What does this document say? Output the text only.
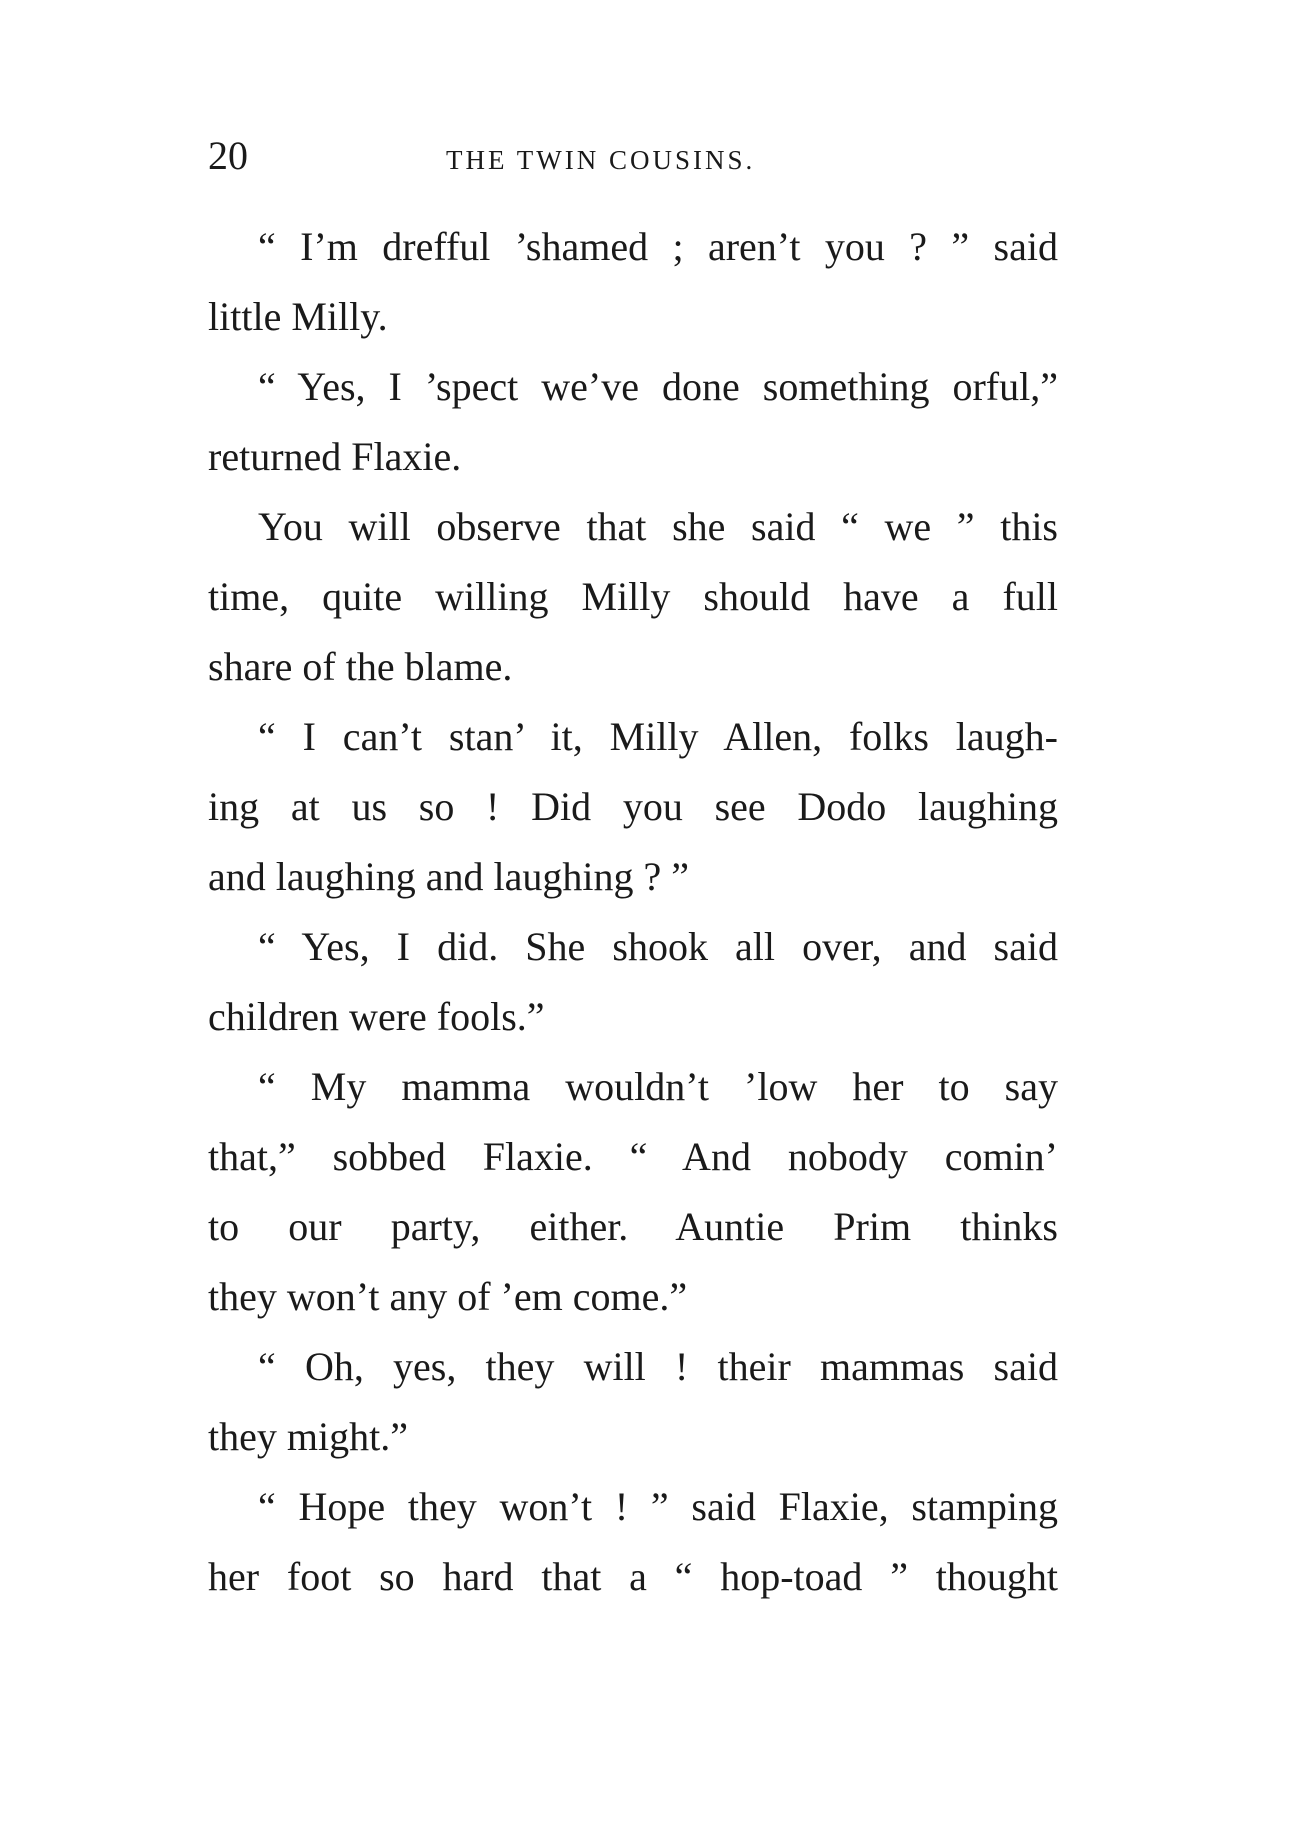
20	THE TWIN COUSINS.
“ I’m drefful ’shamed ; aren’t you ? ” said
little Milly.
“ Yes, I ’spect we’ve done something orful,”
returned Flaxie.
You will observe that she said “ we ” this
time, quite willing Milly should have a full
share of the blame.
“ I can’t stan’ it, Milly Allen, folks laugh-
ing at us so ! Did you see Dodo laughing
and laughing and laughing ? ”
“ Yes, I did. She shook all over, and said
children were fools.”
“ My mamma wouldn’t ’low her to say
that,” sobbed Flaxie. “ And nobody comin’
to our party, either. Auntie Prim thinks
they won’t any of ’em come.”
“ Oh, yes, they will ! their mammas said
they might.”
“ Hope they won’t ! ” said Flaxie, stamping
her foot so hard that a “ hop-toad ” thought
